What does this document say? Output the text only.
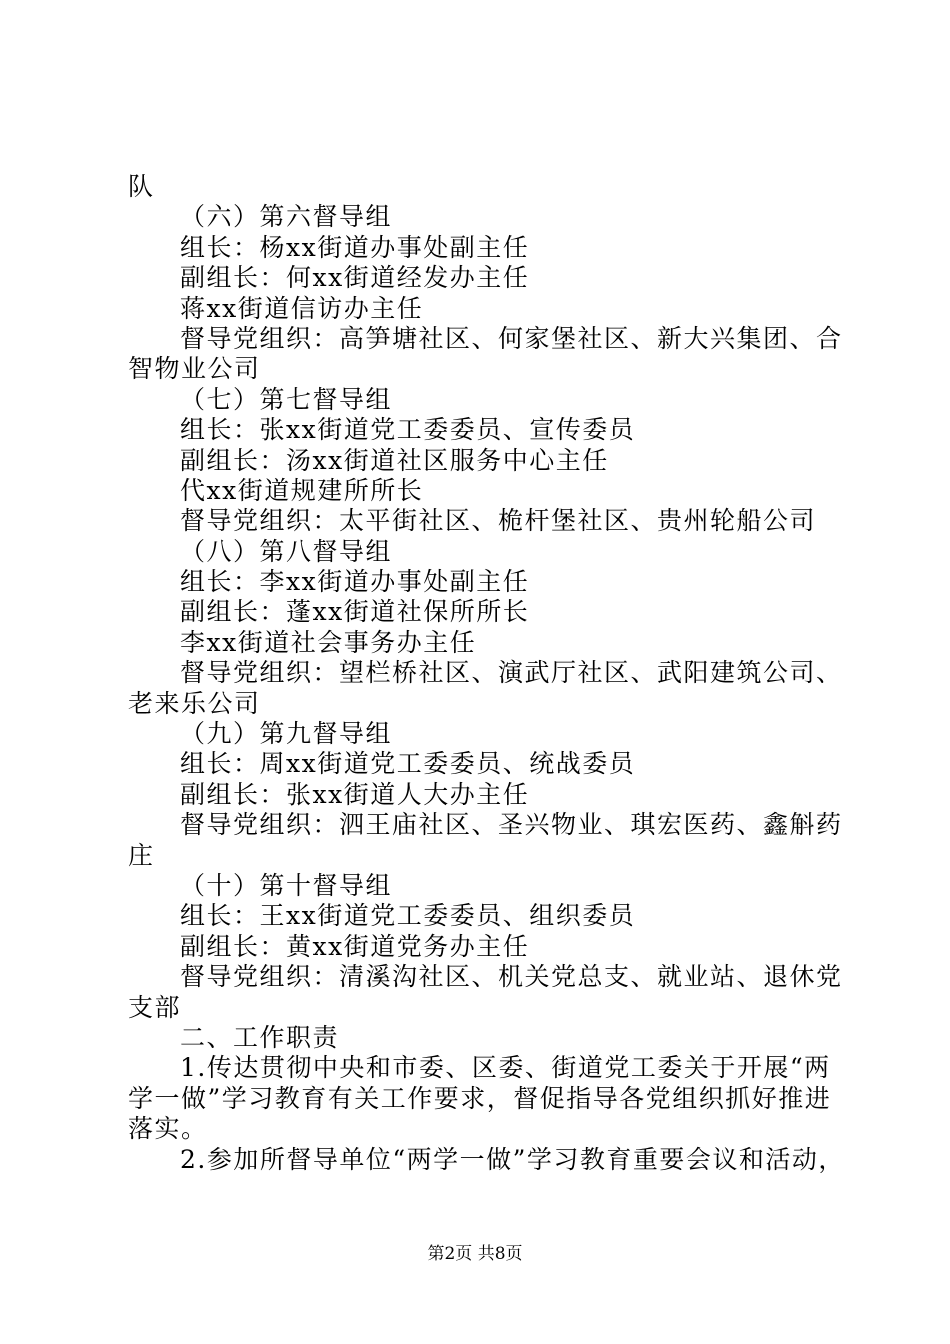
队
（六）第六督导组
组长：杨xx街道办事处副主任
副组长：何xx街道经发办主任
蒋xx街道信访办主任
督导党组织：高笋塘社区、何家堡社区、新大兴集团、合
智物业公司
（七）第七督导组
组长：张xx街道党工委委员、宣传委员
副组长：汤xx街道社区服务中心主任
代xx街道规建所所长
督导党组织：太平街社区、桅杆堡社区、贵州轮船公司
（八）第八督导组
组长：李xx街道办事处副主任
副组长：蓬xx街道社保所所长
李xx街道社会事务办主任
督导党组织：望栏桥社区、演武厅社区、武阳建筑公司、
老来乐公司
（九）第九督导组
组长：周xx街道党工委委员、统战委员
副组长：张xx街道人大办主任
督导党组织：泗王庙社区、圣兴物业、琪宏医药、鑫斛药
庄
（十）第十督导组
组长：王xx街道党工委委员、组织委员
副组长：黄xx街道党务办主任
督导党组织：清溪沟社区、机关党总支、就业站、退休党
支部
二、工作职责
1.传达贯彻中央和市委、区委、街道党工委关于开展“两
学一做”学习教育有关工作要求，督促指导各党组织抓好推进
落实。
2.参加所督导单位“两学一做”学习教育重要会议和活动，
第2页 共8页
